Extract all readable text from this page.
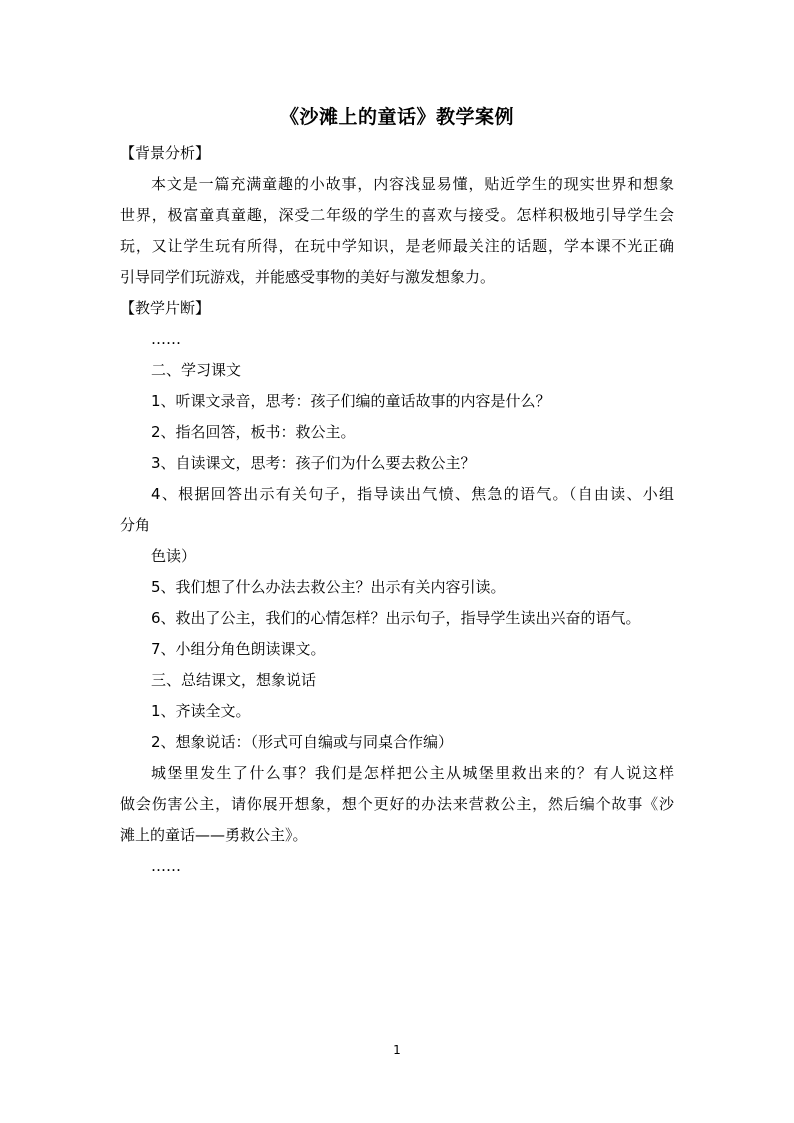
《沙滩上的童话》教学案例
【背景分析】
本文是一篇充满童趣的小故事，内容浅显易懂，贴近学生的现实世界和想象
世界，极富童真童趣，深受二年级的学生的喜欢与接受。怎样积极地引导学生会
玩，又让学生玩有所得，在玩中学知识，是老师最关注的话题，学本课不光正确
引导同学们玩游戏，并能感受事物的美好与激发想象力。
【教学片断】
……
二、学习课文
1、听课文录音，思考：孩子们编的童话故事的内容是什么？
2、指名回答，板书：救公主。
3、自读课文，思考：孩子们为什么要去救公主？
4、根据回答出示有关句子，指导读出气愤、焦急的语气。（自由读、小组
分角
色读）
5、我们想了什么办法去救公主？出示有关内容引读。
6、救出了公主，我们的心情怎样？出示句子，指导学生读出兴奋的语气。
7、小组分角色朗读课文。
三、总结课文，想象说话
1、齐读全文。
2、想象说话：（形式可自编或与同桌合作编）
城堡里发生了什么事？我们是怎样把公主从城堡里救出来的？有人说这样
做会伤害公主，请你展开想象，想个更好的办法来营救公主，然后编个故事《沙
滩上的童话——勇救公主》。
……
1
